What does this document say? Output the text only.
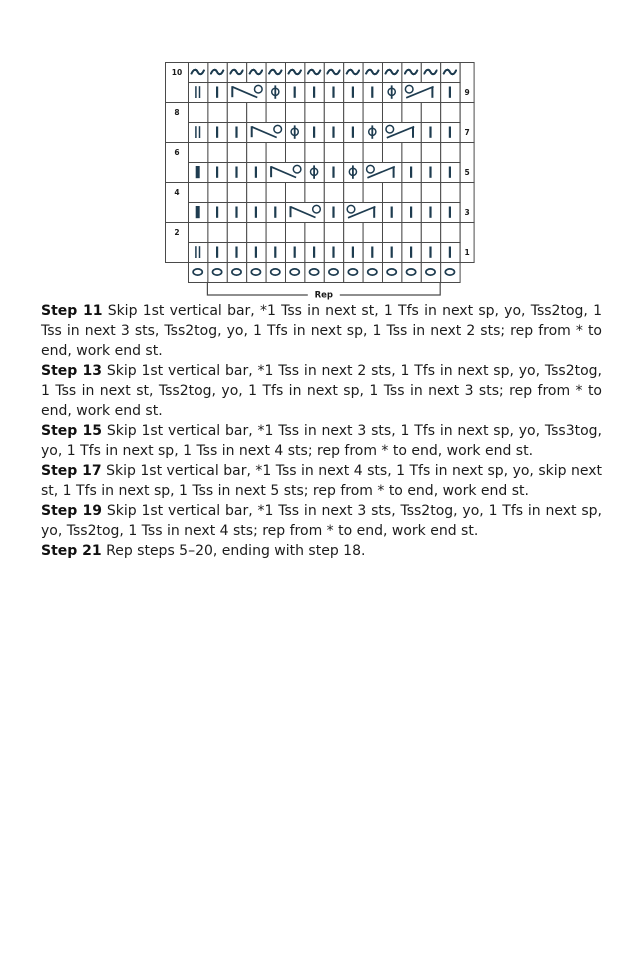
10
9
8
7
6
5
4
3
2
1
Rep

Step 11 Skip 1st vertical bar, *1 Tss in next st, 1 Tfs in next sp, yo, Tss2tog, 1 Tss in next 3 sts, Tss2tog, yo, 1 Tfs in next sp, 1 Tss in next 2 sts; rep from * to end, work end st.

Step 13 Skip 1st vertical bar, *1 Tss in next 2 sts, 1 Tfs in next sp, yo, Tss2tog, 1 Tss in next st, Tss2tog, yo, 1 Tfs in next sp, 1 Tss in next 3 sts; rep from * to end, work end st.

Step 15 Skip 1st vertical bar, *1 Tss in next 3 sts, 1 Tfs in next sp, yo, Tss3tog, yo, 1 Tfs in next sp, 1 Tss in next 4 sts; rep from * to end, work end st.

Step 17 Skip 1st vertical bar, *1 Tss in next 4 sts, 1 Tfs in next sp, yo, skip next st, 1 Tfs in next sp, 1 Tss in next 5 sts; rep from * to end, work end st.

Step 19 Skip 1st vertical bar, *1 Tss in next 3 sts, Tss2tog, yo, 1 Tfs in next sp, yo, Tss2tog, 1 Tss in next 4 sts; rep from * to end, work end st.

Step 21 Rep steps 5–20, ending with step 18.
